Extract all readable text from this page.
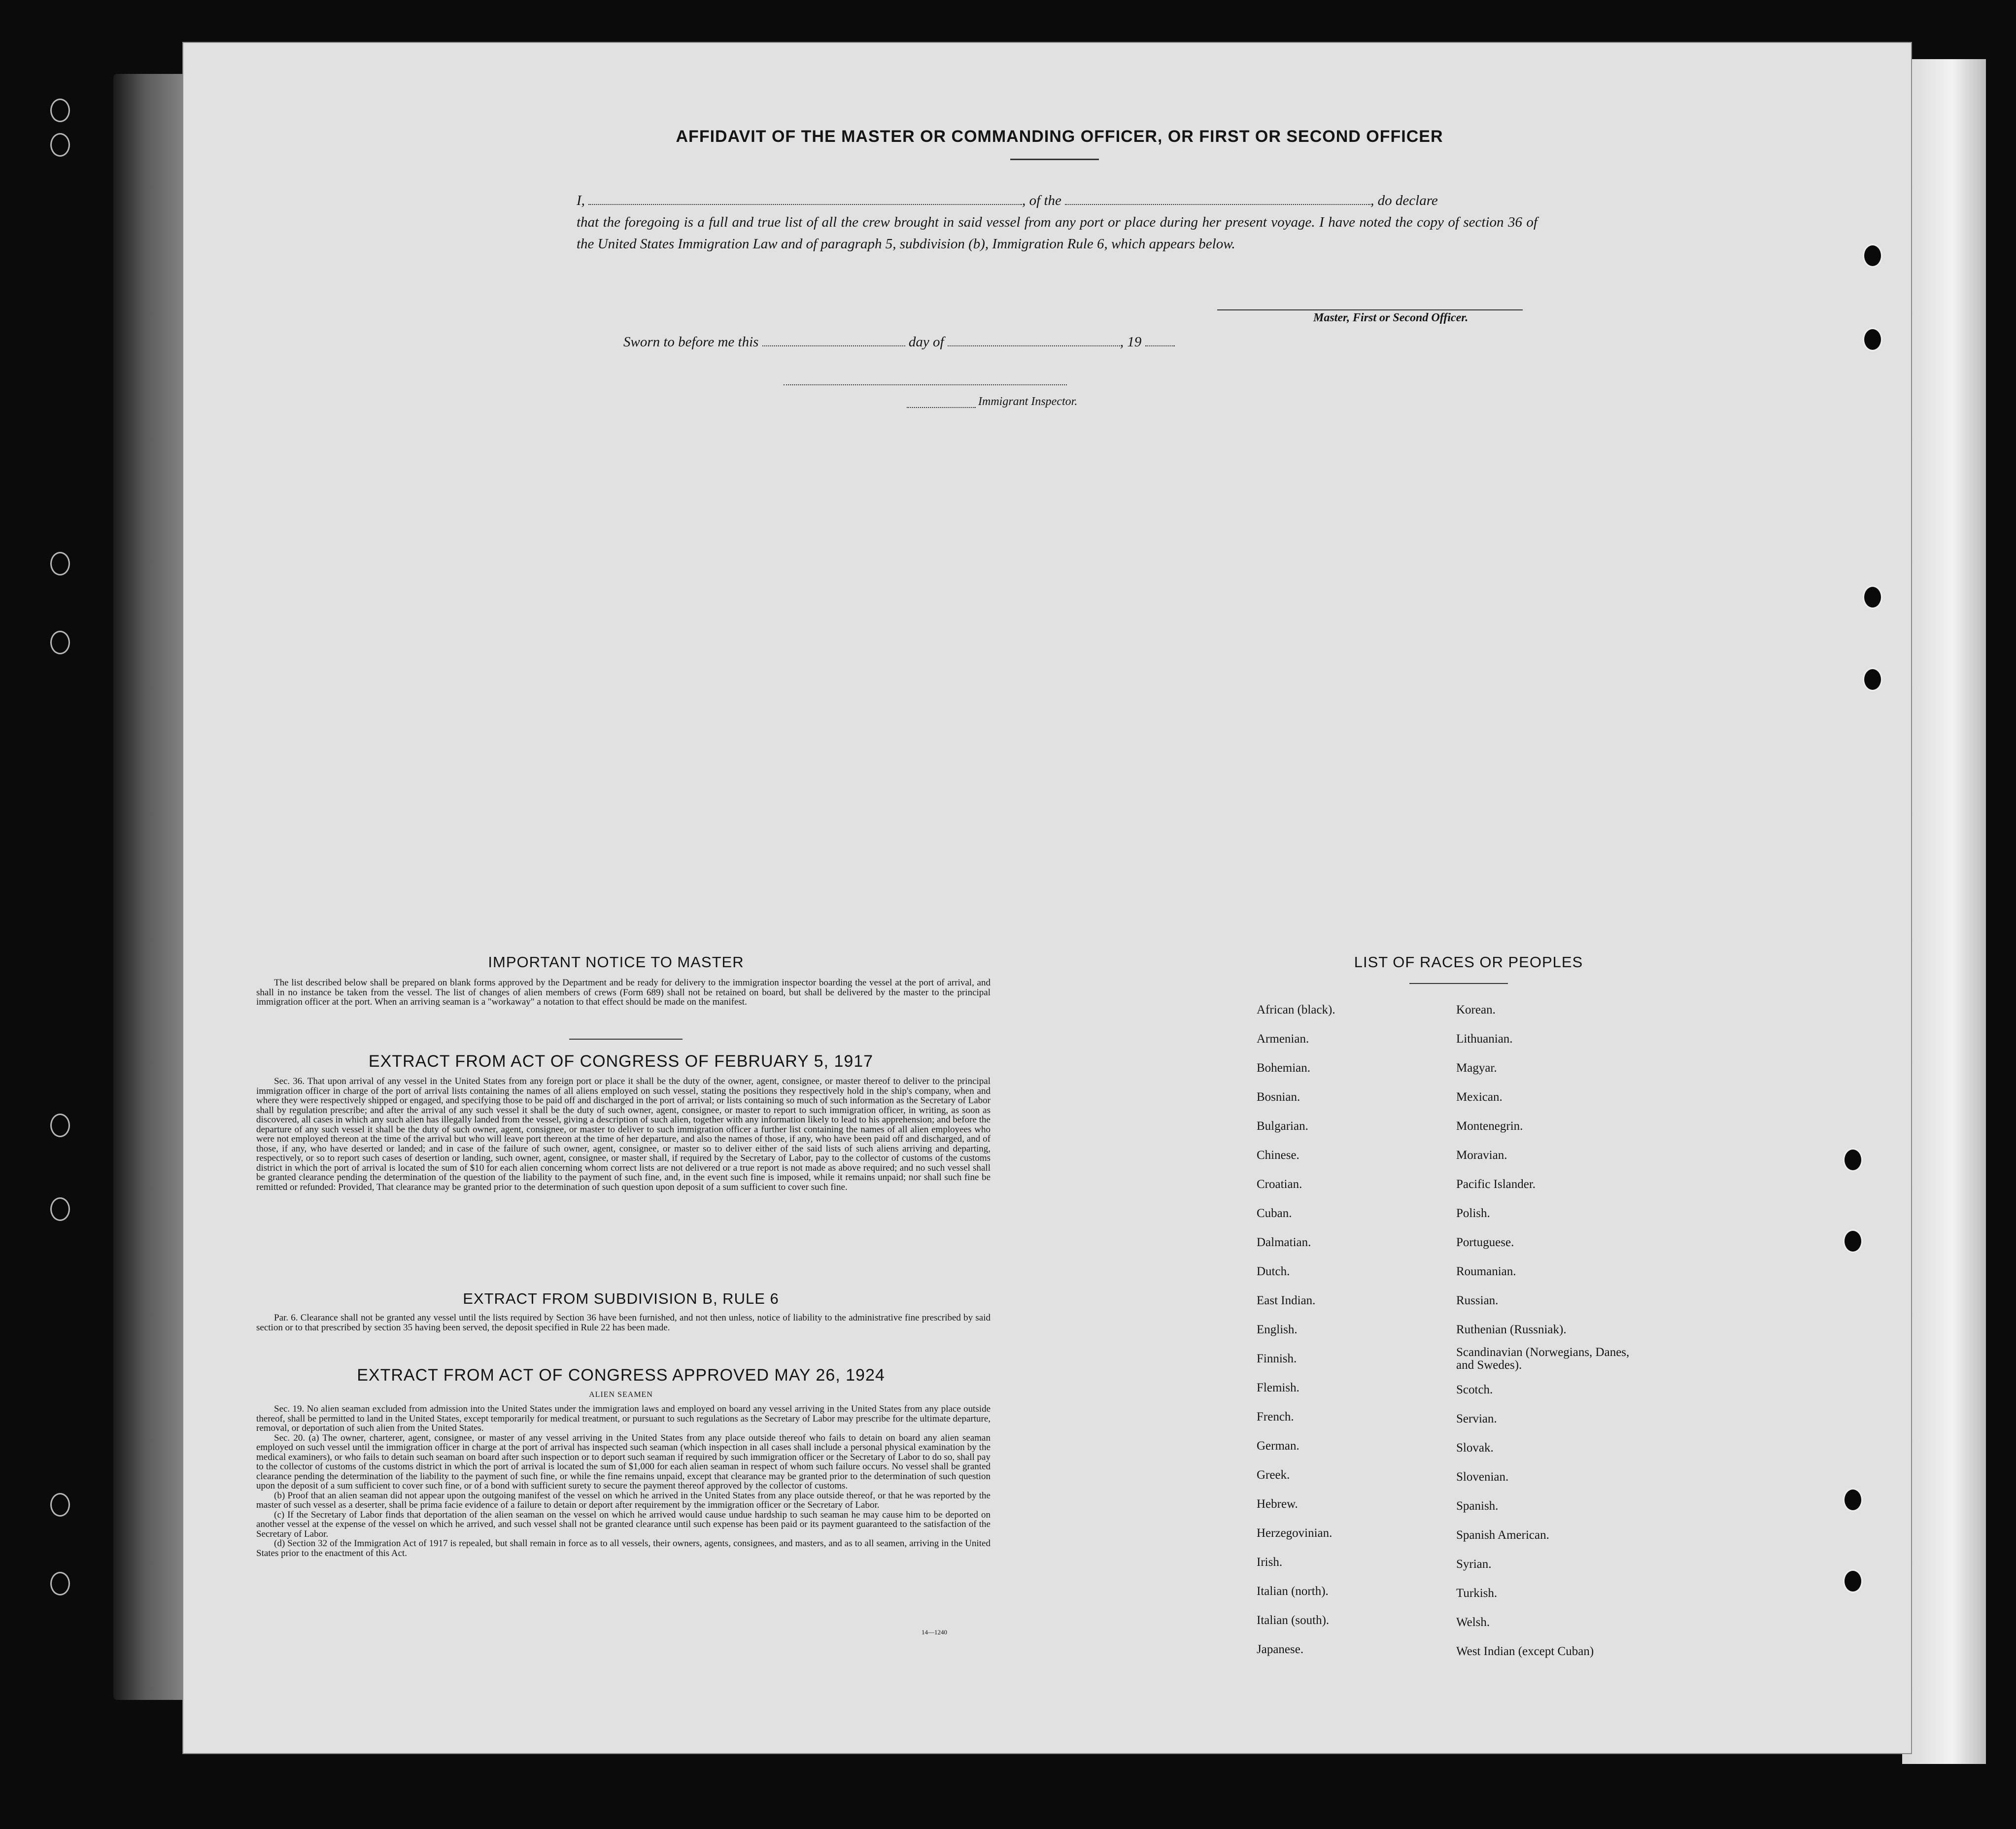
AFFIDAVIT OF THE MASTER OR COMMANDING OFFICER, OR FIRST OR SECOND OFFICER
I,	, of the	, do declare
that the foregoing is a full and true list of all the crew brought in said vessel from any port or place during her present voyage. I have noted the copy of section 36 of the United States Immigration Law and of paragraph 5, subdivision (b), Immigration Rule 6, which appears below.
Master, First or Second Officer.
Sworn to before me this	day of	, 19
Immigrant Inspector.
IMPORTANT NOTICE TO MASTER
The list described below shall be prepared on blank forms approved by the Department and be ready for delivery to the immigration inspector boarding the vessel at the port of arrival, and shall in no instance be taken from the vessel. The list of changes of alien members of crews (Form 689) shall not be retained on board, but shall be delivered by the master to the principal immigration officer at the port. When an arriving seaman is a "workaway" a notation to that effect should be made on the manifest.
EXTRACT FROM ACT OF CONGRESS OF FEBRUARY 5, 1917
Sec. 36. That upon arrival of any vessel in the United States from any foreign port or place it shall be the duty of the owner, agent, consignee, or master thereof to deliver to the principal immigration officer in charge of the port of arrival lists containing the names of all aliens employed on such vessel, stating the positions they respectively hold in the ship's company, when and where they were respectively shipped or engaged, and specifying those to be paid off and discharged in the port of arrival; or lists containing so much of such information as the Secretary of Labor shall by regulation prescribe; and after the arrival of any such vessel it shall be the duty of such owner, agent, consignee, or master to report to such immigration officer, in writing, as soon as discovered, all cases in which any such alien has illegally landed from the vessel, giving a description of such alien, together with any information likely to lead to his apprehension; and before the departure of any such vessel it shall be the duty of such owner, agent, consignee, or master to deliver to such immigration officer a further list containing the names of all alien employees who were not employed thereon at the time of the arrival but who will leave port thereon at the time of her departure, and also the names of those, if any, who have been paid off and discharged, and of those, if any, who have deserted or landed; and in case of the failure of such owner, agent, consignee, or master so to deliver either of the said lists of such aliens arriving and departing, respectively, or so to report such cases of desertion or landing, such owner, agent, consignee, or master shall, if required by the Secretary of Labor, pay to the collector of customs of the customs district in which the port of arrival is located the sum of $10 for each alien concerning whom correct lists are not delivered or a true report is not made as above required; and no such vessel shall be granted clearance pending the determination of the question of the liability to the payment of such fine, and, in the event such fine is imposed, while it remains unpaid; nor shall such fine be remitted or refunded: Provided, That clearance may be granted prior to the determination of such question upon deposit of a sum sufficient to cover such fine.
EXTRACT FROM SUBDIVISION B, RULE 6
Par. 6. Clearance shall not be granted any vessel until the lists required by Section 36 have been furnished, and not then unless, notice of liability to the administrative fine prescribed by said section or to that prescribed by section 35 having been served, the deposit specified in Rule 22 has been made.
EXTRACT FROM ACT OF CONGRESS APPROVED MAY 26, 1924
ALIEN SEAMEN
Sec. 19. No alien seaman excluded from admission into the United States under the immigration laws and employed on board any vessel arriving in the United States from any place outside thereof, shall be permitted to land in the United States, except temporarily for medical treatment, or pursuant to such regulations as the Secretary of Labor may prescribe for the ultimate departure, removal, or deportation of such alien from the United States.
Sec. 20. (a) The owner, charterer, agent, consignee, or master of any vessel arriving in the United States from any place outside thereof who fails to detain on board any alien seaman employed on such vessel until the immigration officer in charge at the port of arrival has inspected such seaman (which inspection in all cases shall include a personal physical examination by the medical examiners), or who fails to detain such seaman on board after such inspection or to deport such seaman if required by such immigration officer or the Secretary of Labor to do so, shall pay to the collector of customs of the customs district in which the port of arrival is located the sum of $1,000 for each alien seaman in respect of whom such failure occurs. No vessel shall be granted clearance pending the determination of the liability to the payment of such fine, or while the fine remains unpaid, except that clearance may be granted prior to the determination of such question upon the deposit of a sum sufficient to cover such fine, or of a bond with sufficient surety to secure the payment thereof approved by the collector of customs.
(b) Proof that an alien seaman did not appear upon the outgoing manifest of the vessel on which he arrived in the United States from any place outside thereof, or that he was reported by the master of such vessel as a deserter, shall be prima facie evidence of a failure to detain or deport after requirement by the immigration officer or the Secretary of Labor.
(c) If the Secretary of Labor finds that deportation of the alien seaman on the vessel on which he arrived would cause undue hardship to such seaman he may cause him to be deported on another vessel at the expense of the vessel on which he arrived, and such vessel shall not be granted clearance until such expense has been paid or its payment guaranteed to the satisfaction of the Secretary of Labor.
(d) Section 32 of the Immigration Act of 1917 is repealed, but shall remain in force as to all vessels, their owners, agents, consignees, and masters, and as to all seamen, arriving in the United States prior to the enactment of this Act.
14—1240
LIST OF RACES OR PEOPLES
African (black).
Armenian.
Bohemian.
Bosnian.
Bulgarian.
Chinese.
Croatian.
Cuban.
Dalmatian.
Dutch.
East Indian.
English.
Finnish.
Flemish.
French.
German.
Greek.
Hebrew.
Herzegovinian.
Irish.
Italian (north).
Italian (south).
Japanese.
Korean.
Lithuanian.
Magyar.
Mexican.
Montenegrin.
Moravian.
Pacific Islander.
Polish.
Portuguese.
Roumanian.
Russian.
Ruthenian (Russniak).
Scandinavian (Norwegians, Danes, and Swedes).
Scotch.
Servian.
Slovak.
Slovenian.
Spanish.
Spanish American.
Syrian.
Turkish.
Welsh.
West Indian (except Cuban)
